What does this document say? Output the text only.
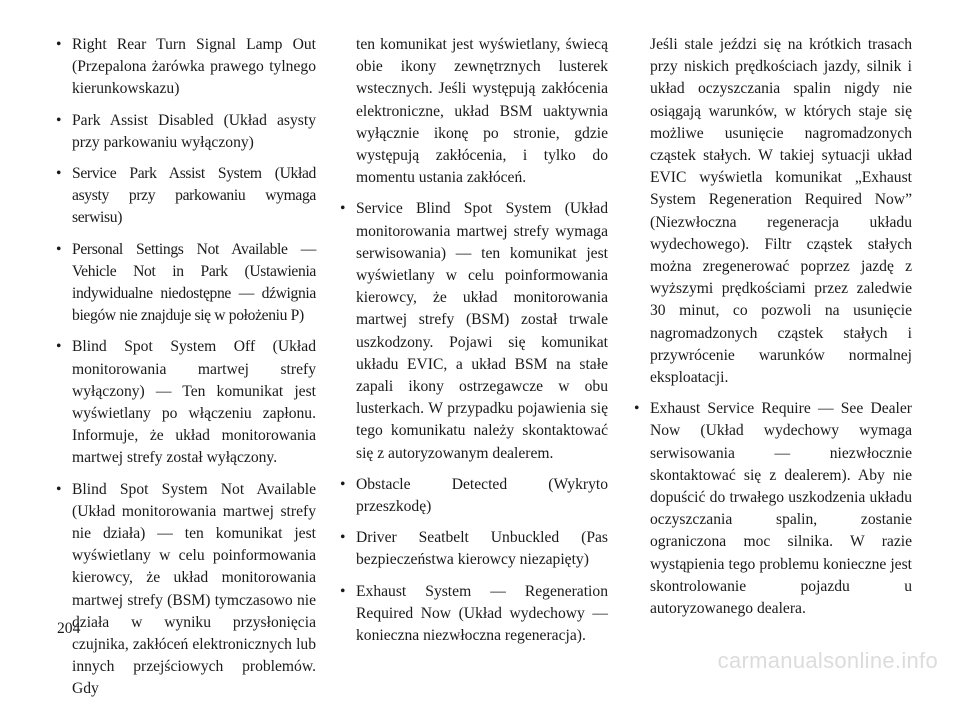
• Right Rear Turn Signal Lamp Out (Przepalona żarówka prawego tylnego kierunkowskazu)
• Park Assist Disabled (Układ asysty przy parkowaniu wyłączony)
• Service Park Assist System (Układ asysty przy parkowaniu wymaga serwisu)
• Personal Settings Not Available — Vehicle Not in Park (Ustawienia indywidualne niedostępne — dźwignia biegów nie znajduje się w położeniu P)
• Blind Spot System Off (Układ monitorowania martwej strefy wyłączony) — Ten komunikat jest wyświetlany po włączeniu zapłonu. Informuje, że układ monitorowania martwej strefy został wyłączony.
• Blind Spot System Not Available (Układ monitorowania martwej strefy nie działa) — ten komunikat jest wyświetlany w celu poinformowania kierowcy, że układ monitorowania martwej strefy (BSM) tymczasowo nie działa w wyniku przysłonięcia czujnika, zakłóceń elektronicznych lub innych przejściowych problemów. Gdy
ten komunikat jest wyświetlany, świecą obie ikony zewnętrznych lusterek wstecznych. Jeśli występują zakłócenia elektroniczne, układ BSM uaktywnia wyłącznie ikonę po stronie, gdzie występują zakłócenia, i tylko do momentu ustania zakłóceń.
• Service Blind Spot System (Układ monitorowania martwej strefy wymaga serwisowania) — ten komunikat jest wyświetlany w celu poinformowania kierowcy, że układ monitorowania martwej strefy (BSM) został trwale uszkodzony. Pojawi się komunikat układu EVIC, a układ BSM na stałe zapali ikony ostrzegawcze w obu lusterkach. W przypadku pojawienia się tego komunikatu należy skontaktować się z autoryzowanym dealerem.
• Obstacle Detected (Wykryto przeszkodę)
• Driver Seatbelt Unbuckled (Pas bezpieczeństwa kierowcy niezapięty)
• Exhaust System — Regeneration Required Now (Układ wydechowy — konieczna niezwłoczna regeneracja).
Jeśli stale jeździ się na krótkich trasach przy niskich prędkościach jazdy, silnik i układ oczyszczania spalin nigdy nie osiągają warunków, w których staje się możliwe usunięcie nagromadzonych cząstek stałych. W takiej sytuacji układ EVIC wyświetla komunikat „Exhaust System Regeneration Required Now” (Niezwłoczna regeneracja układu wydechowego). Filtr cząstek stałych można zregenerować poprzez jazdę z wyższymi prędkościami przez zaledwie 30 minut, co pozwoli na usunięcie nagromadzonych cząstek stałych i przywrócenie warunków normalnej eksploatacji.
• Exhaust Service Require — See Dealer Now (Układ wydechowy wymaga serwisowania — niezwłocznie skontaktować się z dealerem). Aby nie dopuścić do trwałego uszkodzenia układu oczyszczania spalin, zostanie ograniczona moc silnika. W razie wystąpienia tego problemu konieczne jest skontrolowanie pojazdu u autoryzowanego dealera.
204
carmanualsonline.info
